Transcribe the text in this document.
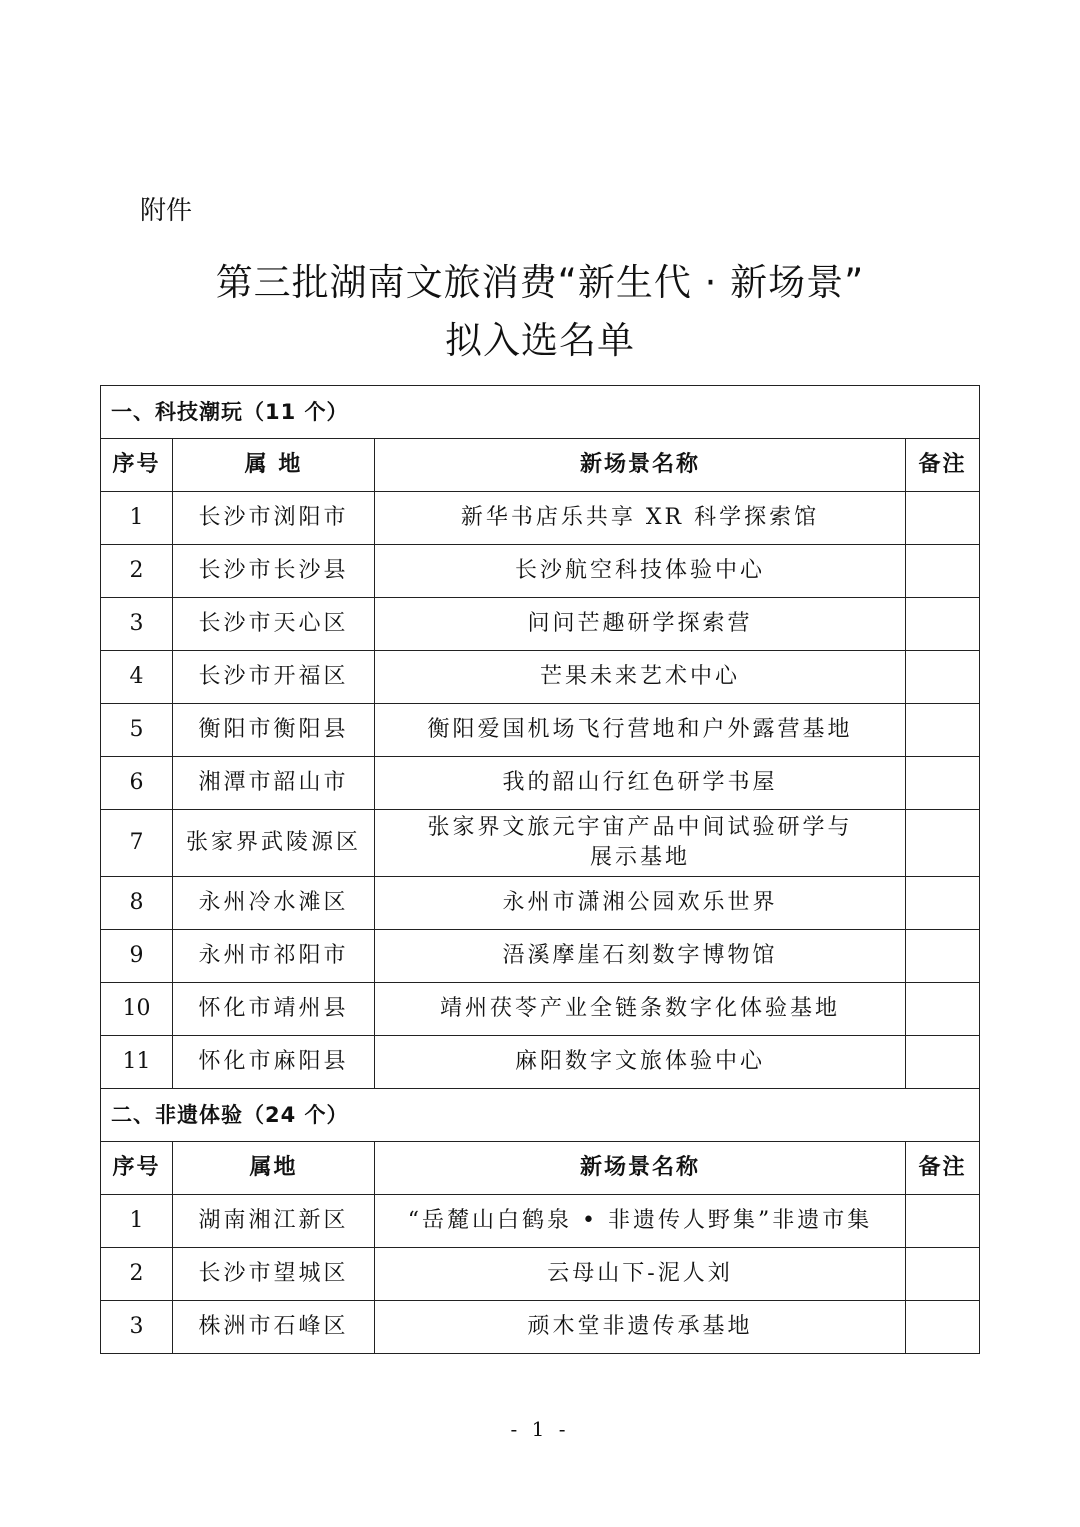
附件
第三批湖南文旅消费“新生代 · 新场景”
拟入选名单
一、科技潮玩（11 个）			
序号	属 地	新场景名称	备注
1	长沙市浏阳市	新华书店乐共享 XR 科学探索馆	
2	长沙市长沙县	长沙航空科技体验中心	
3	长沙市天心区	问问芒趣研学探索营	
4	长沙市开福区	芒果未来艺术中心	
5	衡阳市衡阳县	衡阳爱国机场飞行营地和户外露营基地	
6	湘潭市韶山市	我的韶山行红色研学书屋	
7	张家界武陵源区	张家界文旅元宇宙产品中间试验研学与
展示基地	

8	永州冷水滩区	永州市潇湘公园欢乐世界	
9	永州市祁阳市	浯溪摩崖石刻数字博物馆	
10	怀化市靖州县	靖州茯苓产业全链条数字化体验基地	
11	怀化市麻阳县	麻阳数字文旅体验中心	
二、非遗体验（24 个）			
序号	属地	新场景名称	备注
1	湖南湘江新区	“岳麓山白鹤泉 • 非遗传人野集”非遗市集	
2	长沙市望城区	云母山下-泥人刘	
3	株洲市石峰区	顽木堂非遗传承基地	
- 1 -
